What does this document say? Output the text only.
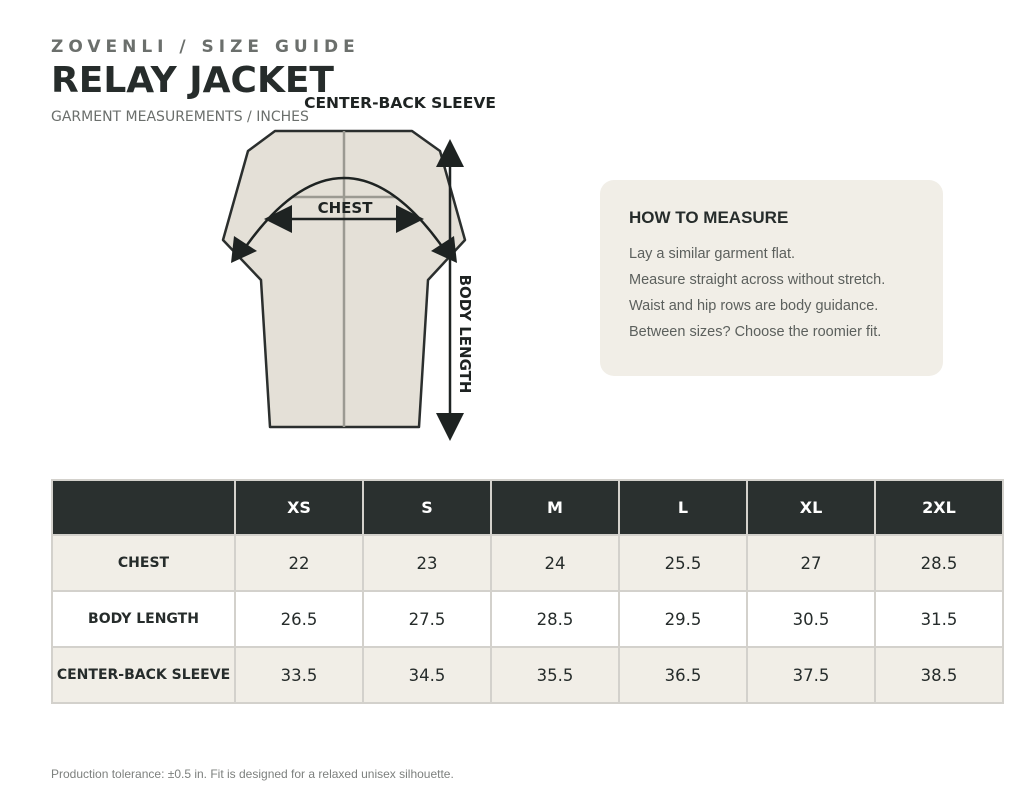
ZOVENLI / SIZE GUIDE
RELAY JACKET
GARMENT MEASUREMENTS / INCHES
CHEST
CENTER-BACK SLEEVE
BODY LENGTH
HOW TO MEASURE
Lay a similar garment flat.
Measure straight across without stretch.
Waist and hip rows are body guidance.
Between sizes? Choose the roomier fit.
	XS	S	M	L	XL	2XL
CHEST	22	23	24	25.5	27	28.5
BODY LENGTH	26.5	27.5	28.5	29.5	30.5	31.5
CENTER-BACK SLEEVE	33.5	34.5	35.5	36.5	37.5	38.5
Production tolerance: ±0.5 in. Fit is designed for a relaxed unisex silhouette.
